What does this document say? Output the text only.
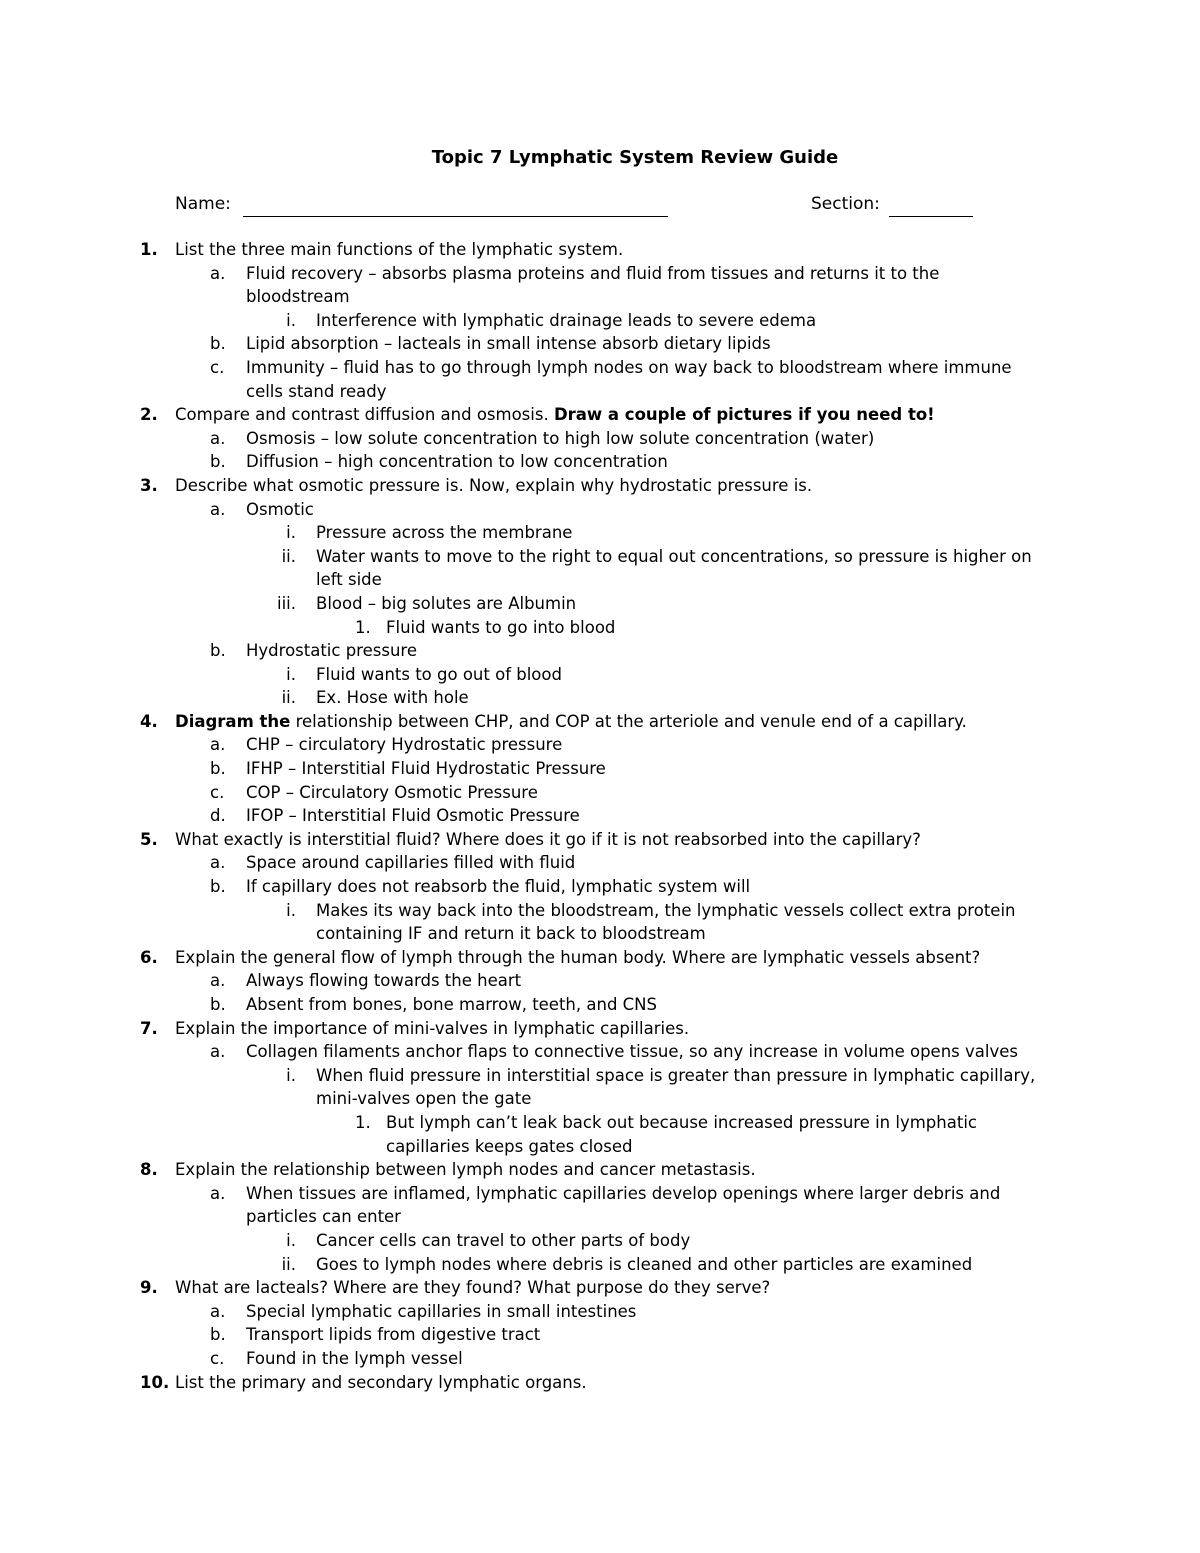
Topic 7 Lymphatic System Review Guide
Name:	Section:
1. List the three main functions of the lymphatic system.
a. Fluid recovery – absorbs plasma proteins and fluid from tissues and returns it to the
bloodstream
i. Interference with lymphatic drainage leads to severe edema
b. Lipid absorption – lacteals in small intense absorb dietary lipids
c. Immunity – fluid has to go through lymph nodes on way back to bloodstream where immune
cells stand ready
2. Compare and contrast diffusion and osmosis. Draw a couple of pictures if you need to!
a. Osmosis – low solute concentration to high low solute concentration (water)
b. Diffusion – high concentration to low concentration
3. Describe what osmotic pressure is. Now, explain why hydrostatic pressure is.
a. Osmotic
i. Pressure across the membrane
ii. Water wants to move to the right to equal out concentrations, so pressure is higher on
left side
iii. Blood – big solutes are Albumin
1. Fluid wants to go into blood
b. Hydrostatic pressure
i. Fluid wants to go out of blood
ii. Ex. Hose with hole
4. Diagram the relationship between CHP, and COP at the arteriole and venule end of a capillary.
a. CHP – circulatory Hydrostatic pressure
b. IFHP – Interstitial Fluid Hydrostatic Pressure
c. COP – Circulatory Osmotic Pressure
d. IFOP – Interstitial Fluid Osmotic Pressure
5. What exactly is interstitial fluid? Where does it go if it is not reabsorbed into the capillary?
a. Space around capillaries filled with fluid
b. If capillary does not reabsorb the fluid, lymphatic system will
i. Makes its way back into the bloodstream, the lymphatic vessels collect extra protein
containing IF and return it back to bloodstream
6. Explain the general flow of lymph through the human body. Where are lymphatic vessels absent?
a. Always flowing towards the heart
b. Absent from bones, bone marrow, teeth, and CNS
7. Explain the importance of mini-valves in lymphatic capillaries.
a. Collagen filaments anchor flaps to connective tissue, so any increase in volume opens valves
i. When fluid pressure in interstitial space is greater than pressure in lymphatic capillary,
mini-valves open the gate
1. But lymph can’t leak back out because increased pressure in lymphatic
capillaries keeps gates closed
8. Explain the relationship between lymph nodes and cancer metastasis.
a. When tissues are inflamed, lymphatic capillaries develop openings where larger debris and
particles can enter
i. Cancer cells can travel to other parts of body
ii. Goes to lymph nodes where debris is cleaned and other particles are examined
9. What are lacteals? Where are they found? What purpose do they serve?
a. Special lymphatic capillaries in small intestines
b. Transport lipids from digestive tract
c. Found in the lymph vessel
10. List the primary and secondary lymphatic organs.
